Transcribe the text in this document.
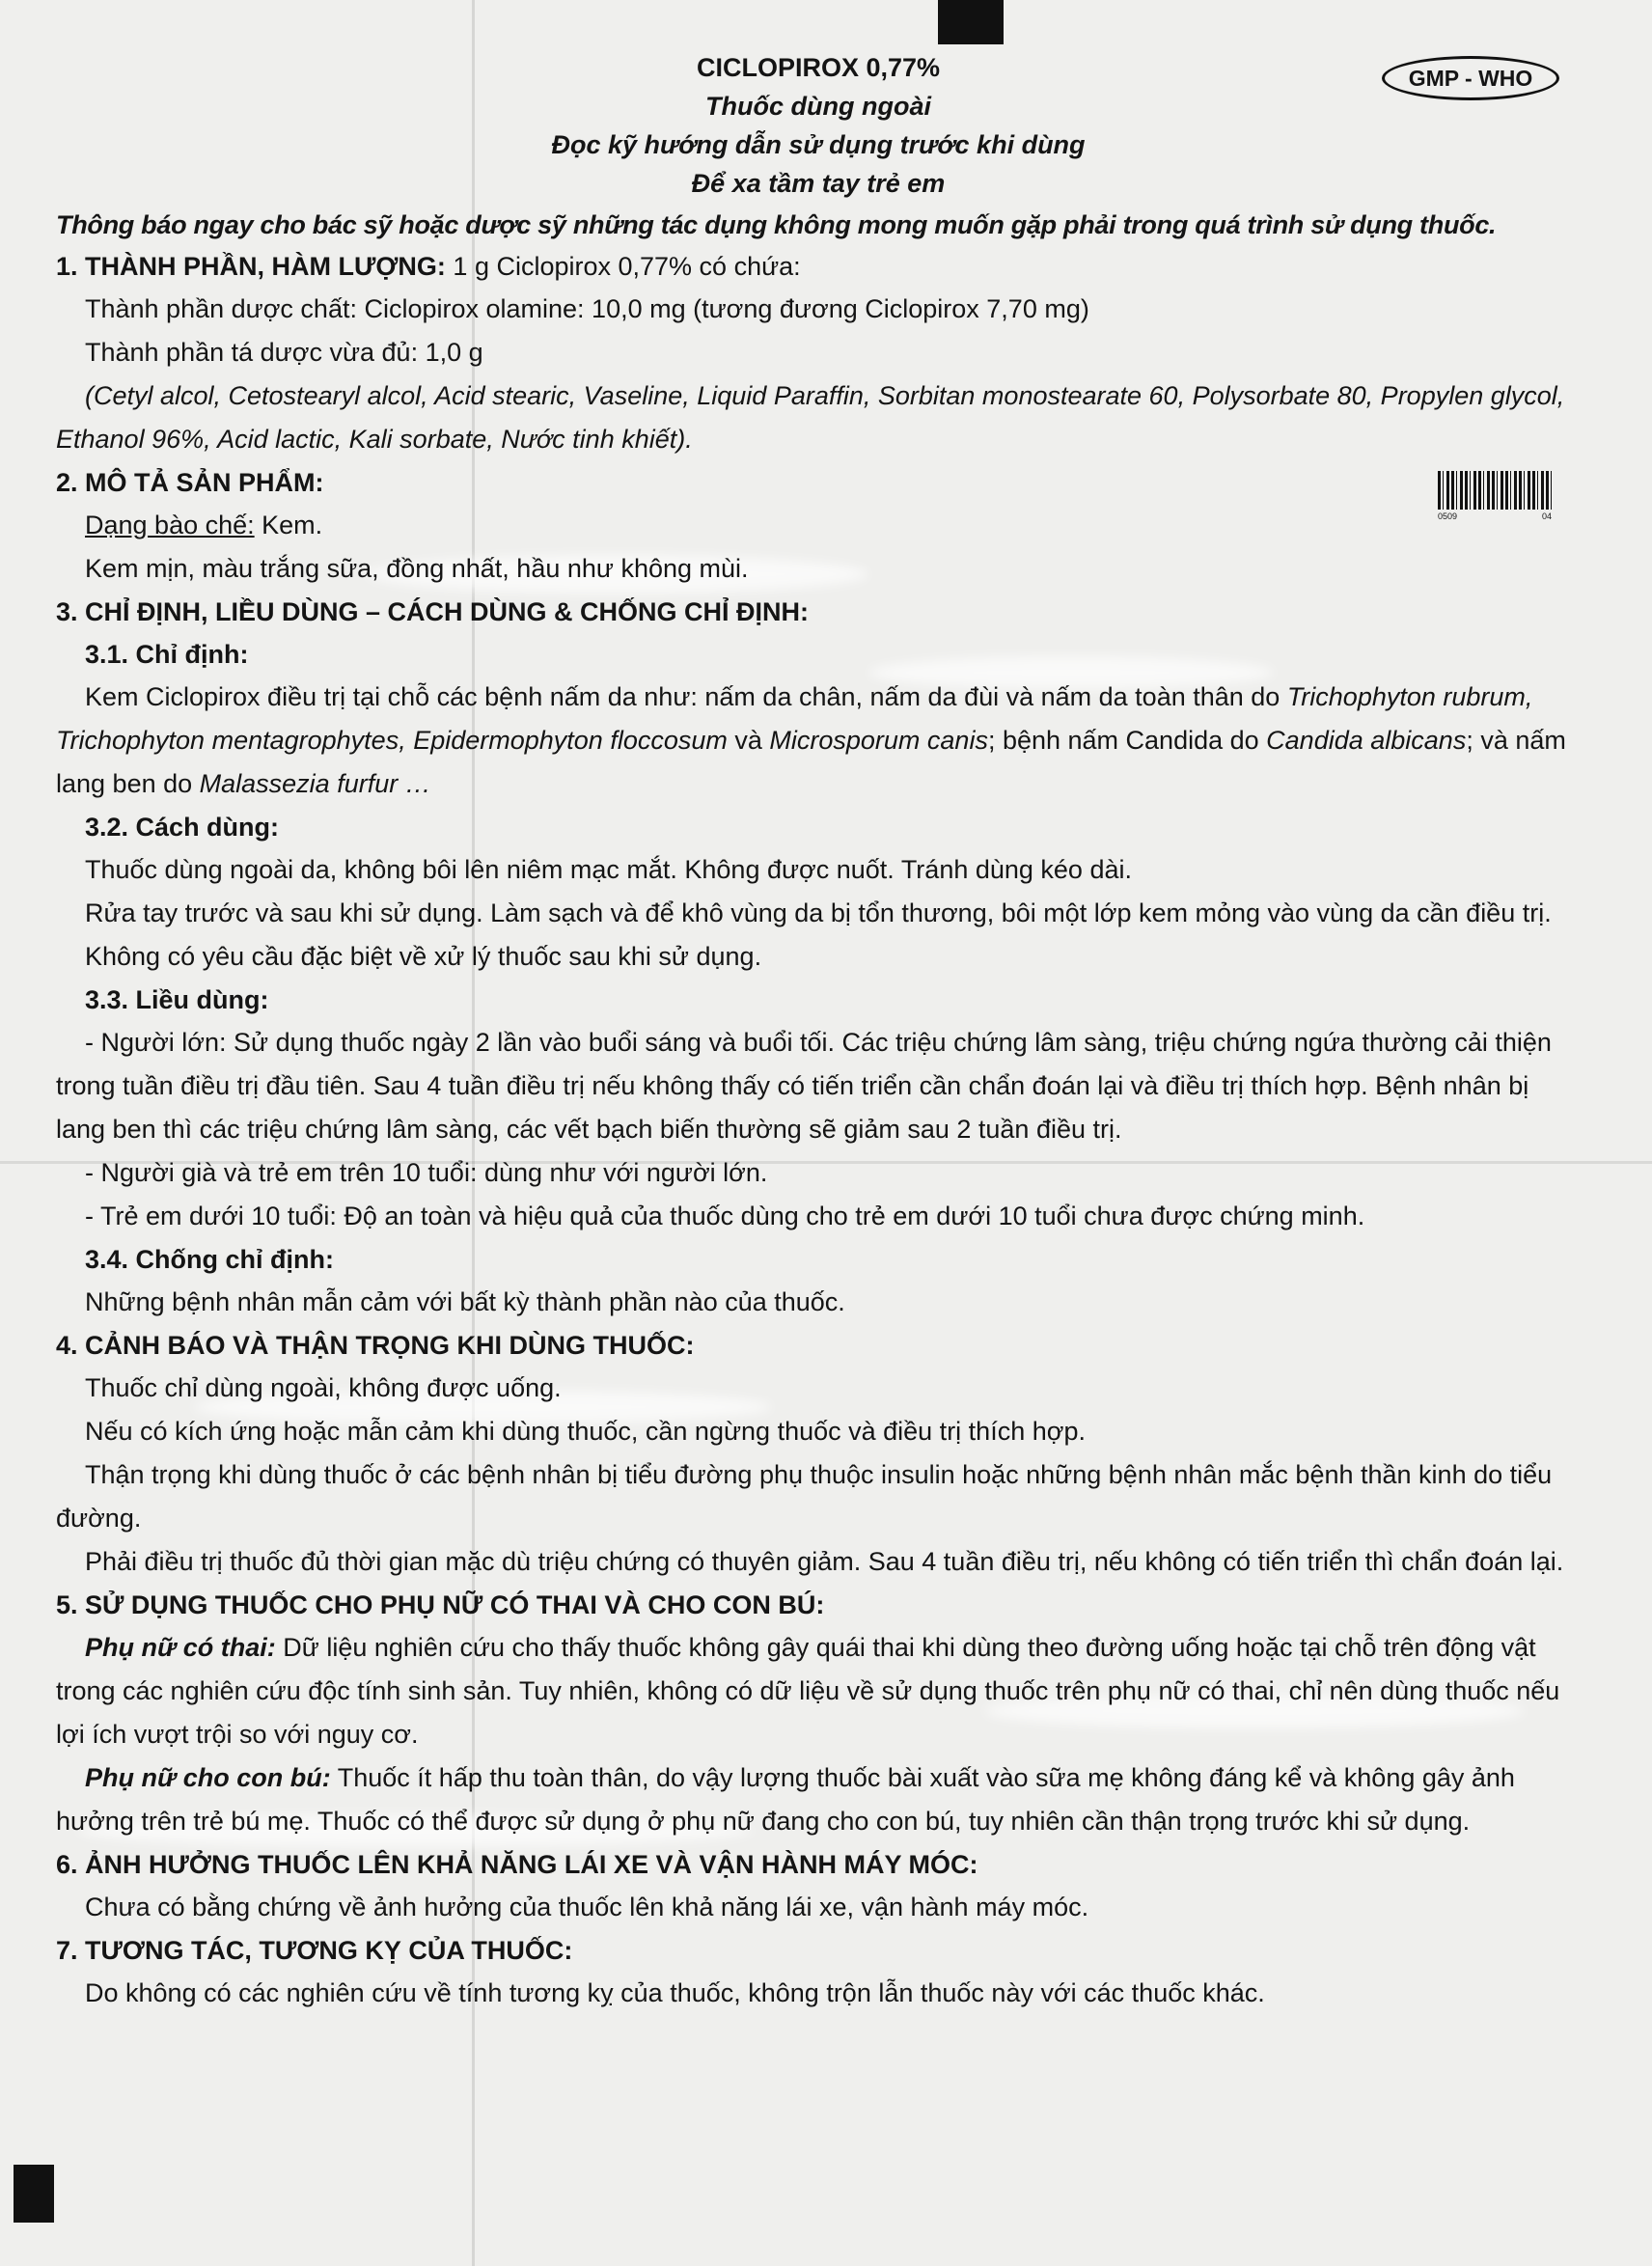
GMP - WHO
0509	04
CICLOPIROX 0,77%
Thuốc dùng ngoài
Đọc kỹ hướng dẫn sử dụng trước khi dùng
Để xa tầm tay trẻ em
Thông báo ngay cho bác sỹ hoặc dược sỹ những tác dụng không mong muốn gặp phải trong quá trình sử dụng thuốc.
1. THÀNH PHẦN, HÀM LƯỢNG: 1 g Ciclopirox 0,77% có chứa:
Thành phần dược chất: Ciclopirox olamine: 10,0 mg (tương đương Ciclopirox 7,70 mg)
Thành phần tá dược vừa đủ: 1,0 g
(Cetyl alcol, Cetostearyl alcol, Acid stearic, Vaseline, Liquid Paraffin, Sorbitan monostearate 60, Polysorbate 80, Propylen glycol, Ethanol 96%, Acid lactic, Kali sorbate, Nước tinh khiết).
2. MÔ TẢ SẢN PHẨM:
Dạng bào chế: Kem.
Kem mịn, màu trắng sữa, đồng nhất, hầu như không mùi.
3. CHỈ ĐỊNH, LIỀU DÙNG – CÁCH DÙNG & CHỐNG CHỈ ĐỊNH:
3.1. Chỉ định:
Kem Ciclopirox điều trị tại chỗ các bệnh nấm da như: nấm da chân, nấm da đùi và nấm da toàn thân do Trichophyton rubrum, Trichophyton mentagrophytes, Epidermophyton floccosum và Microsporum canis; bệnh nấm Candida do Candida albicans; và nấm lang ben do Malassezia furfur …
3.2. Cách dùng:
Thuốc dùng ngoài da, không bôi lên niêm mạc mắt. Không được nuốt. Tránh dùng kéo dài.
Rửa tay trước và sau khi sử dụng. Làm sạch và để khô vùng da bị tổn thương, bôi một lớp kem mỏng vào vùng da cần điều trị.
Không có yêu cầu đặc biệt về xử lý thuốc sau khi sử dụng.
3.3. Liều dùng:
- Người lớn: Sử dụng thuốc ngày 2 lần vào buổi sáng và buổi tối. Các triệu chứng lâm sàng, triệu chứng ngứa thường cải thiện trong tuần điều trị đầu tiên. Sau 4 tuần điều trị nếu không thấy có tiến triển cần chẩn đoán lại và điều trị thích hợp. Bệnh nhân bị lang ben thì các triệu chứng lâm sàng, các vết bạch biến thường sẽ giảm sau 2 tuần điều trị.
- Người già và trẻ em trên 10 tuổi: dùng như với người lớn.
- Trẻ em dưới 10 tuổi: Độ an toàn và hiệu quả của thuốc dùng cho trẻ em dưới 10 tuổi chưa được chứng minh.
3.4. Chống chỉ định:
Những bệnh nhân mẫn cảm với bất kỳ thành phần nào của thuốc.
4. CẢNH BÁO VÀ THẬN TRỌNG KHI DÙNG THUỐC:
Thuốc chỉ dùng ngoài, không được uống.
Nếu có kích ứng hoặc mẫn cảm khi dùng thuốc, cần ngừng thuốc và điều trị thích hợp.
Thận trọng khi dùng thuốc ở các bệnh nhân bị tiểu đường phụ thuộc insulin hoặc những bệnh nhân mắc bệnh thần kinh do tiểu đường.
Phải điều trị thuốc đủ thời gian mặc dù triệu chứng có thuyên giảm. Sau 4 tuần điều trị, nếu không có tiến triển thì chẩn đoán lại.
5. SỬ DỤNG THUỐC CHO PHỤ NỮ CÓ THAI VÀ CHO CON BÚ:
Phụ nữ có thai: Dữ liệu nghiên cứu cho thấy thuốc không gây quái thai khi dùng theo đường uống hoặc tại chỗ trên động vật trong các nghiên cứu độc tính sinh sản. Tuy nhiên, không có dữ liệu về sử dụng thuốc trên phụ nữ có thai, chỉ nên dùng thuốc nếu lợi ích vượt trội so với nguy cơ.
Phụ nữ cho con bú: Thuốc ít hấp thu toàn thân, do vậy lượng thuốc bài xuất vào sữa mẹ không đáng kể và không gây ảnh hưởng trên trẻ bú mẹ. Thuốc có thể được sử dụng ở phụ nữ đang cho con bú, tuy nhiên cần thận trọng trước khi sử dụng.
6. ẢNH HƯỞNG THUỐC LÊN KHẢ NĂNG LÁI XE VÀ VẬN HÀNH MÁY MÓC:
Chưa có bằng chứng về ảnh hưởng của thuốc lên khả năng lái xe, vận hành máy móc.
7. TƯƠNG TÁC, TƯƠNG KỴ CỦA THUỐC:
Do không có các nghiên cứu về tính tương kỵ của thuốc, không trộn lẫn thuốc này với các thuốc khác.
